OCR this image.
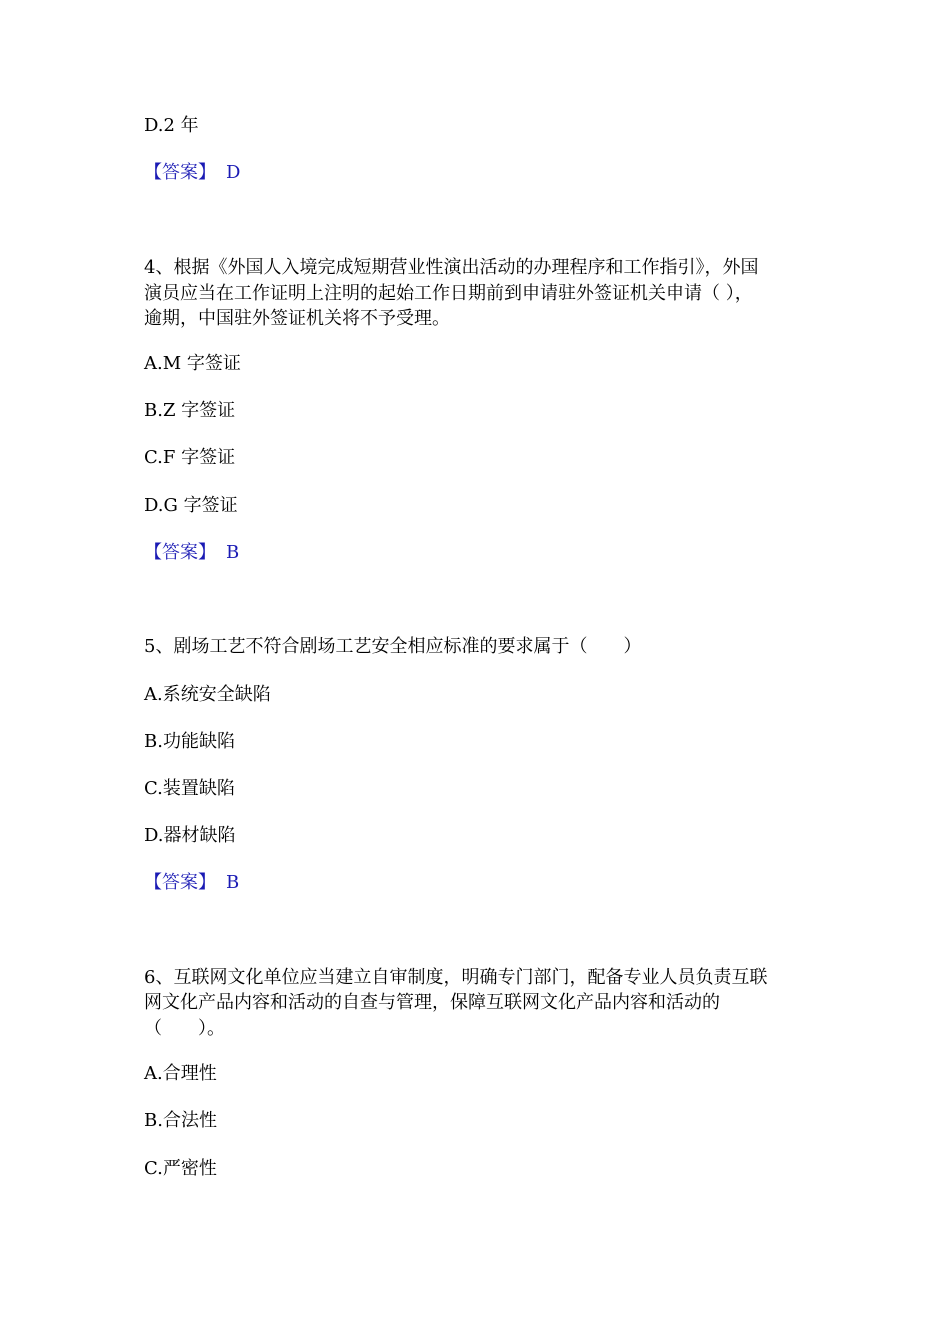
D.2 年
【答案】 D
4、根据《外国人入境完成短期营业性演出活动的办理程序和工作指引》，外国
演员应当在工作证明上注明的起始工作日期前到申请驻外签证机关申请（ ），
逾期，中国驻外签证机关将不予受理。
A.M 字签证
B.Z 字签证
C.F 字签证
D.G 字签证
【答案】 B
5、剧场工艺不符合剧场工艺安全相应标准的要求属于（　　）
A.系统安全缺陷
B.功能缺陷
C.装置缺陷
D.器材缺陷
【答案】 B
6、互联网文化单位应当建立自审制度，明确专门部门，配备专业人员负责互联
网文化产品内容和活动的自查与管理，保障互联网文化产品内容和活动的
（　　）。
A.合理性
B.合法性
C.严密性
